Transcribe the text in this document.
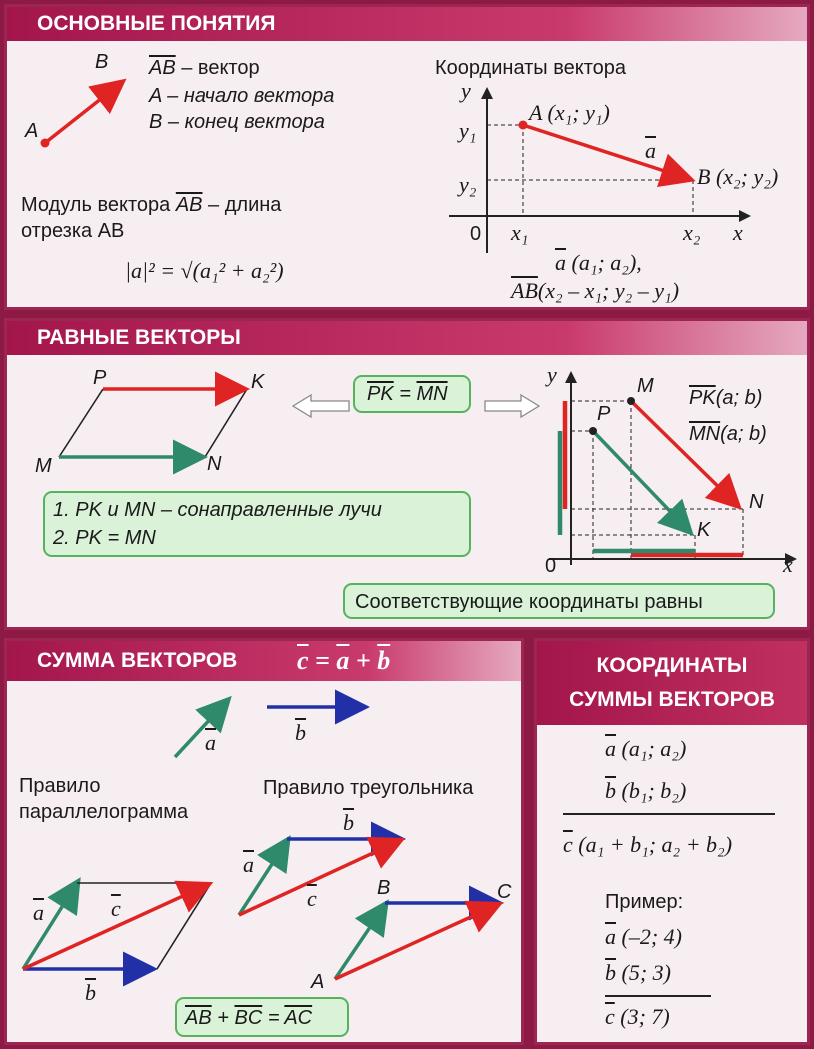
ОСНОВНЫЕ ПОНЯТИЯ
A
B $\overline{AB}$ – вектор
A – начало вектора
B – конец вектора
Модуль вектора $\overline{AB}$ – длина
отрезка AB
|a|² = √(a₁² + a₂²)
Координаты вектора
y
x
0
A (x₁; y₁)
B (x₂; y₂)
$\overline{a}$
y₁
y₂
x₁	x₂
$\overline{a}$ (a₁; a₂),
$\overline{AB}(x_2 - x_1$; y₂ – y₁)
РАВНЫЕ ВЕКТОРЫ
P	K
M	N
$\overline{PK} = \overline{MN}$
1. PK и MN – сонаправленные лучи
2. PK = MN
y
x
0
M
P
N
K
$\overline{PK}(a$; b)
$\overline{MN}(a$; b)
Соответствующие координаты равны
СУММА ВЕКТОРОВ	$\overline{c} = \overline{a} + \overline{b}$
$\overline{a}$	$\overline{b}$
Правило
параллелограмма
Правило треугольника
$\overline{a}$	$\overline{c}$
$\overline{b}$
$\overline{a}$
$\overline{b}$
$\overline{c}$
A
B	C
$\overline{AB} + \overline{BC} = \overline{AC}$
КООРДИНАТЫ
СУММЫ ВЕКТОРОВ
$\overline{a}$ (a₁; a₂)
$\overline{b}$ (b₁; b₂)
$\overline{c}$ (a₁ + b₁; a₂ + b₂)
Пример:
$\overline{a}$ (–2; 4)
$\overline{b}$ (5; 3)
$\overline{c}$ (3; 7)
